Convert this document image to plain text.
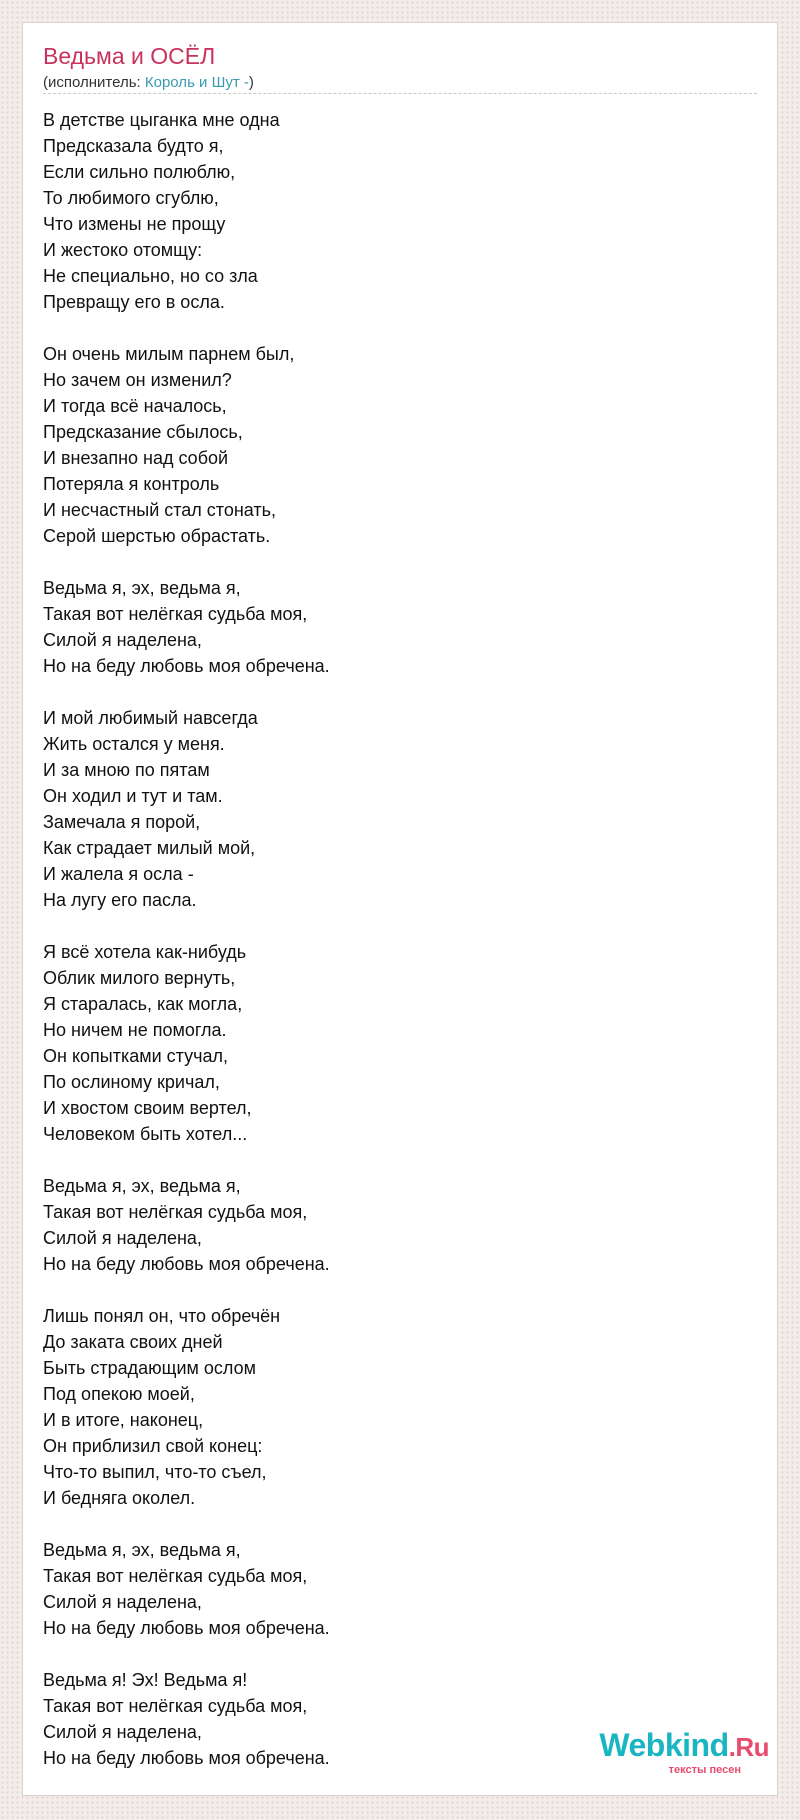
Ведьма и ОСЁЛ
(исполнитель: Король и Шут -)
В детстве цыганка мне одна
Предсказала будто я,
Если сильно полюблю,
То любимого сгублю,
Что измены не прощу
И жестоко отомщу:
Не специально, но со зла
Превращу его в осла.
Он очень милым парнем был,
Но зачем он изменил?
И тогда всё началось,
Предсказание сбылось,
И внезапно над собой
Потеряла я контроль
И несчастный стал стонать,
Серой шерстью обрастать.
Ведьма я, эх, ведьма я,
Такая вот нелёгкая судьба моя,
Силой я наделена,
Но на беду любовь моя обречена.
И мой любимый навсегда
Жить остался у меня.
И за мною по пятам
Он ходил и тут и там.
Замечала я порой,
Как страдает милый мой,
И жалела я осла -
На лугу его пасла.
Я всё хотела как-нибудь
Облик милого вернуть,
Я старалась, как могла,
Но ничем не помогла.
Он копытками стучал,
По ослиному кричал,
И хвостом своим вертел,
Человеком быть хотел...
Ведьма я, эх, ведьма я,
Такая вот нелёгкая судьба моя,
Силой я наделена,
Но на беду любовь моя обречена.
Лишь понял он, что обречён
До заката своих дней
Быть страдающим ослом
Под опекою моей,
И в итоге, наконец,
Он приблизил свой конец:
Что-то выпил, что-то съел,
И бедняга околел.
Ведьма я, эх, ведьма я,
Такая вот нелёгкая судьба моя,
Силой я наделена,
Но на беду любовь моя обречена.
Ведьма я! Эх! Ведьма я!
Такая вот нелёгкая судьба моя,
Силой я наделена,
Но на беду любовь моя обречена.	Webkind.Ru
тексты песен
